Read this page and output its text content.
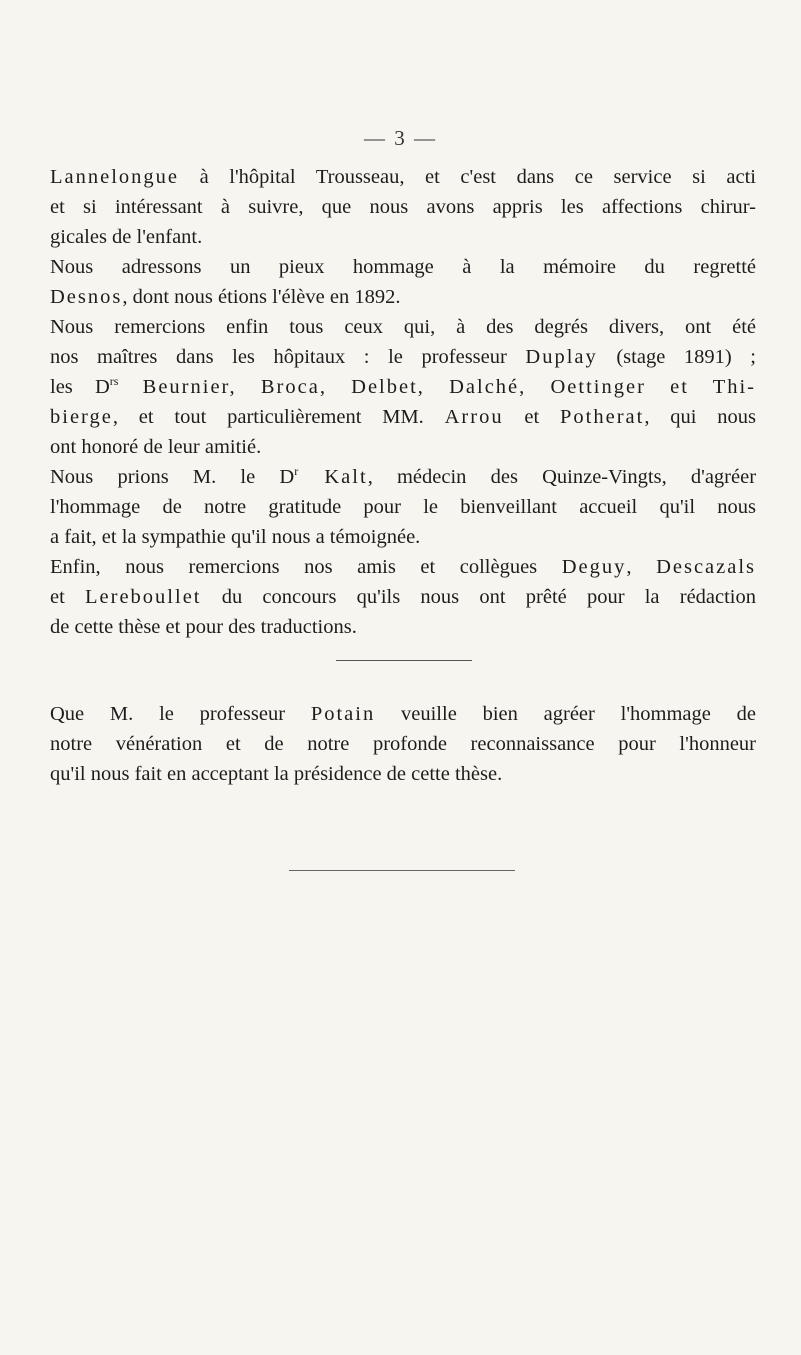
— 3 —
Lannelongue à l'hôpital Trousseau, et c'est dans ce service si acti
et si intéressant à suivre, que nous avons appris les affections chirur-
gicales de l'enfant.
Nous adressons un pieux hommage à la mémoire du regretté
Desnos, dont nous étions l'élève en 1892.
Nous remercions enfin tous ceux qui, à des degrés divers, ont été
nos maîtres dans les hôpitaux : le professeur Duplay (stage 1891) ;
les $D^{rs}$ Beurnier, Broca, Delbet, Dalché, Oettinger et Thi-
bierge, et tout particulièrement MM. Arrou et Potherat, qui nous
ont honoré de leur amitié.
Nous prions M. le $D^r$ Kalt, médecin des Quinze-Vingts, d'agréer
l'hommage de notre gratitude pour le bienveillant accueil qu'il nous
a fait, et la sympathie qu'il nous a témoignée.
Enfin, nous remercions nos amis et collègues Deguy, Descazals
et Lereboullet du concours qu'ils nous ont prêté pour la rédaction
de cette thèse et pour des traductions.
Que M. le professeur Potain veuille bien agréer l'hommage de
notre vénération et de notre profonde reconnaissance pour l'honneur
qu'il nous fait en acceptant la présidence de cette thèse.
